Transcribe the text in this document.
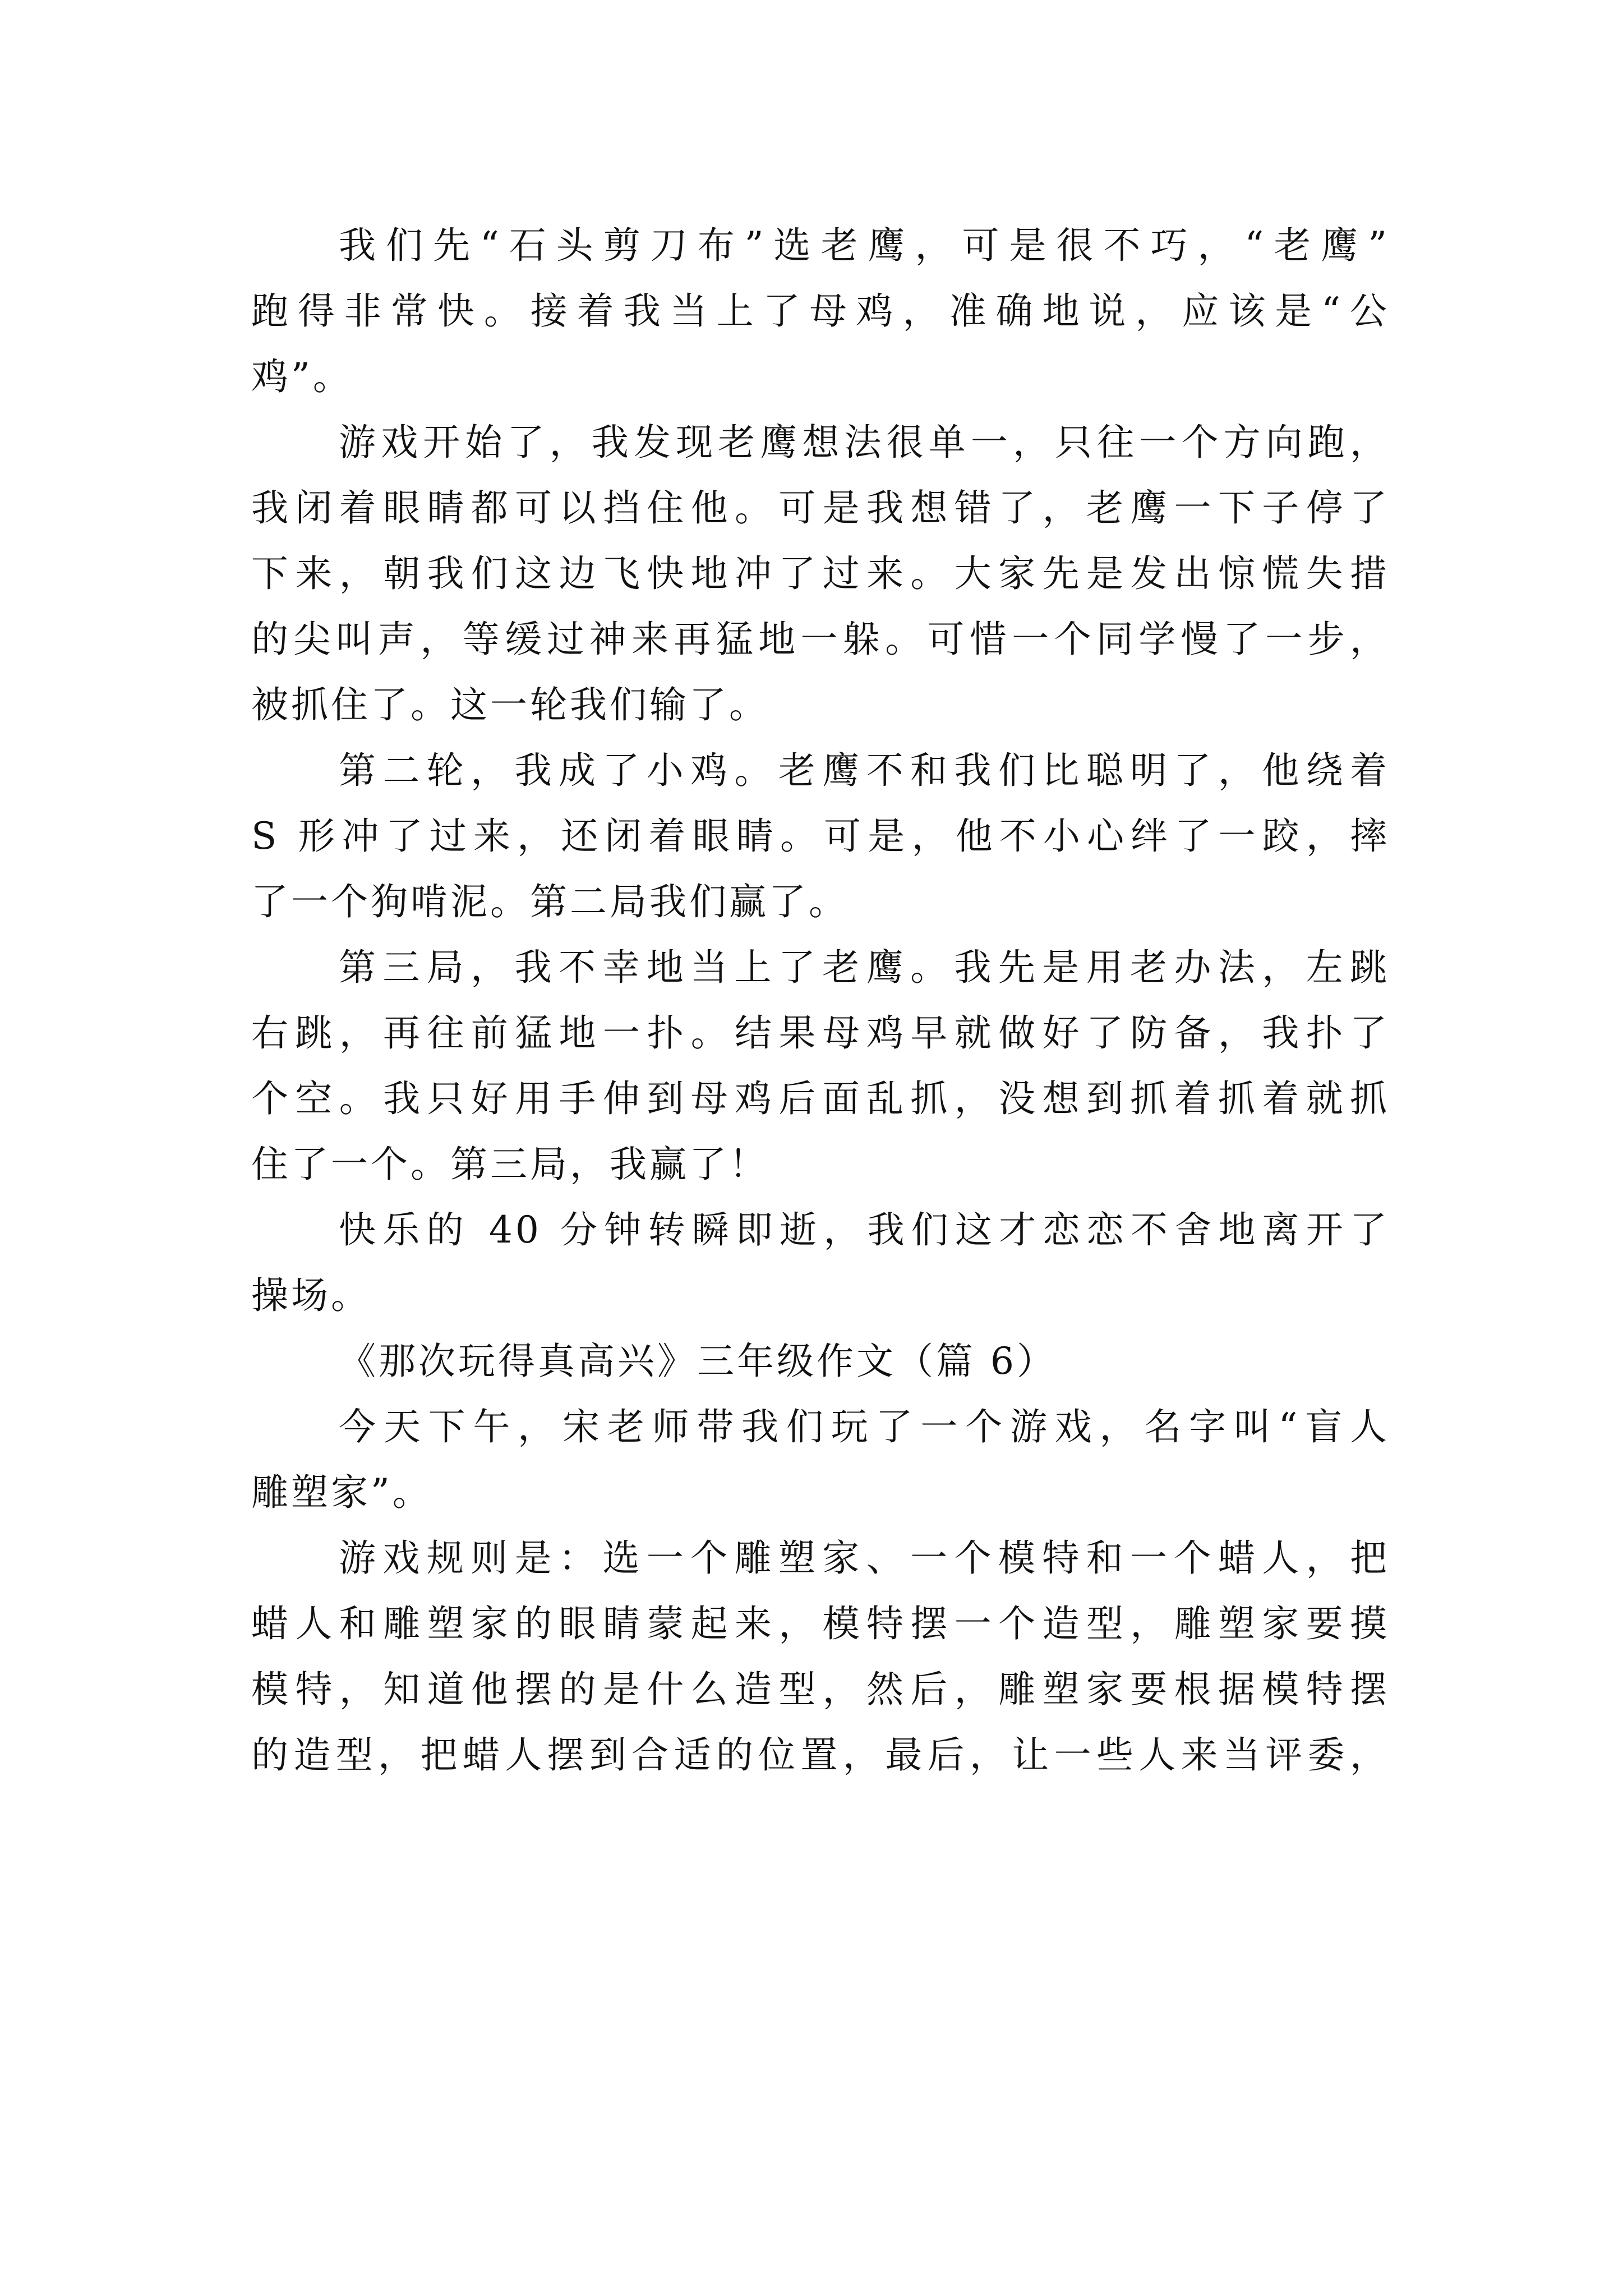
我们先“石头剪刀布”选老鹰，可是很不巧，“老鹰”
跑得非常快。接着我当上了母鸡，准确地说，应该是“公
鸡”。
游戏开始了，我发现老鹰想法很单一，只往一个方向跑，
我闭着眼睛都可以挡住他。可是我想错了，老鹰一下子停了
下来，朝我们这边飞快地冲了过来。大家先是发出惊慌失措
的尖叫声，等缓过神来再猛地一躲。可惜一个同学慢了一步，
被抓住了。这一轮我们输了。
第二轮，我成了小鸡。老鹰不和我们比聪明了，他绕着
S 形冲了过来，还闭着眼睛。可是，他不小心绊了一跤，摔
了一个狗啃泥。第二局我们赢了。
第三局，我不幸地当上了老鹰。我先是用老办法，左跳
右跳，再往前猛地一扑。结果母鸡早就做好了防备，我扑了
个空。我只好用手伸到母鸡后面乱抓，没想到抓着抓着就抓
住了一个。第三局，我赢了！
快乐的 40 分钟转瞬即逝，我们这才恋恋不舍地离开了
操场。
《那次玩得真高兴》三年级作文（篇 6）
今天下午，宋老师带我们玩了一个游戏，名字叫“盲人
雕塑家”。
游戏规则是：选一个雕塑家、一个模特和一个蜡人，把
蜡人和雕塑家的眼睛蒙起来，模特摆一个造型，雕塑家要摸
模特，知道他摆的是什么造型，然后，雕塑家要根据模特摆
的造型，把蜡人摆到合适的位置，最后，让一些人来当评委，
